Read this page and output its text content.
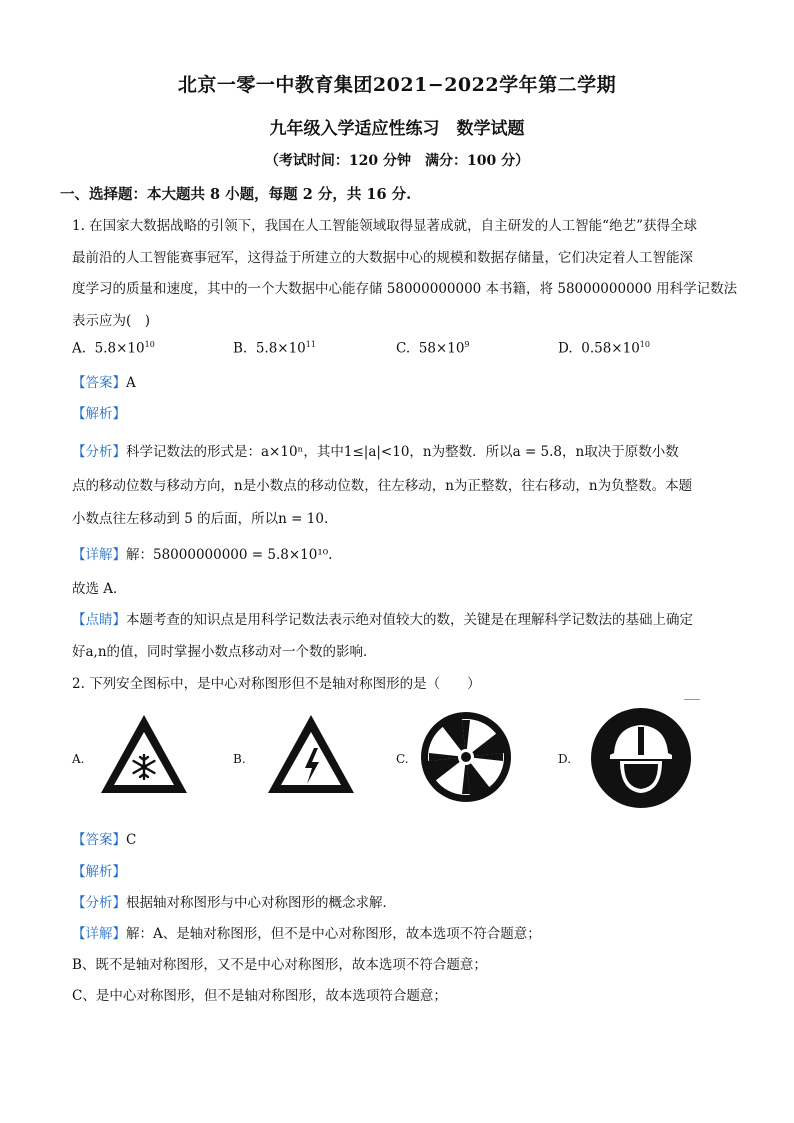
北京一零一中教育集团2021−2022学年第二学期
九年级入学适应性练习　数学试题
（考试时间：120 分钟　满分：100 分）
一、选择题：本大题共 8 小题，每题 2 分，共 16 分.
1. 在国家大数据战略的引领下，我国在人工智能领域取得显著成就，自主研发的人工智能“绝艺”获得全球
最前沿的人工智能赛事冠军，这得益于所建立的大数据中心的规模和数据存储量，它们决定着人工智能深
度学习的质量和速度，其中的一个大数据中心能存储 58000000000 本书籍，将 58000000000 用科学记数法
表示应为(　)
A. $5.8\times 10^{10}$	B. $5.8\times 10^{11}$	C. $58\times 10^9$	D. $0.58\times 10^{10}$
【答案】A
【解析】
【分析】科学记数法的形式是：a×10ⁿ，其中1≤|a|<10，n为整数．所以a = 5.8，n取决于原数小数
点的移动位数与移动方向，n是小数点的移动位数，往左移动，n为正整数，往右移动，n为负整数。本题
小数点往左移动到 5 的后面，所以n = 10.
【详解】解：58000000000 = 5.8×10¹⁰.
故选 A．
【点睛】本题考查的知识点是用科学记数法表示绝对值较大的数，关键是在理解科学记数法的基础上确定
好a,n的值，同时掌握小数点移动对一个数的影响．
2. 下列安全图标中，是中心对称图形但不是轴对称图形的是（　　）
A.	B.	C.	D.
【答案】C
【解析】
【分析】根据轴对称图形与中心对称图形的概念求解．
【详解】解：A、是轴对称图形，但不是中心对称图形，故本选项不符合题意；
B、既不是轴对称图形，又不是中心对称图形，故本选项不符合题意；
C、是中心对称图形，但不是轴对称图形，故本选项符合题意；
